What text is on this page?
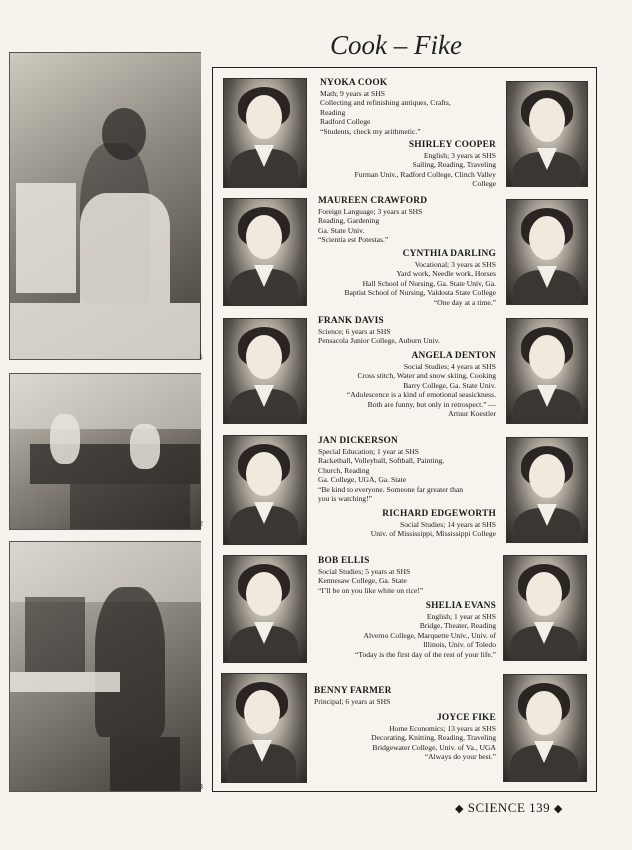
Cook – Fike
1
2
3
NYOKA COOK
Math; 9 years at SHS
Collecting and refinishing antiques, Crafts,
Reading
Radford College
“Students, check my arithmetic.”
SHIRLEY COOPER
English; 3 years at SHS
Sailing, Reading, Traveling
Furman Univ., Radford College, Clinch Valley
College
MAUREEN CRAWFORD
Foreign Language; 3 years at SHS
Reading, Gardening
Ga. State Univ.
“Scientia est Potestas.”
CYNTHIA DARLING
Vocational; 3 years at SHS
Yard work, Needle work, Horses
Hall School of Nursing, Ga. State Univ, Ga.
Baptist School of Nursing, Valdosta State College
“One day at a time.”
FRANK DAVIS
Science; 6 years at SHS
Pensacola Junior College, Auburn Univ.
ANGELA DENTON
Social Studies; 4 years at SHS
Cross stitch, Water and snow skiing, Cooking
Barry College, Ga. State Univ.
“Adolescence is a kind of emotional seasickness.
Both are funny, but only in retrospect.” —
Artuur Koestler
JAN DICKERSON
Special Education; 1 year at SHS
Racketball, Volleyball, Softball, Painting,
Church, Reading
Ga. College, UGA, Ga. State
“Be kind to everyone. Someone far greater than
you is watching!”
RICHARD EDGEWORTH
Social Studies; 14 years at SHS
Univ. of Mississippi, Mississippi College
BOB ELLIS
Social Studies; 5 years at SHS
Kennesaw College, Ga. State
“I’ll be on you like white on rice!”
SHELIA EVANS
English; 1 year at SHS
Bridge, Theater, Reading
Alverno College, Marquette Univ., Univ. of
Illinois, Univ. of Toledo
“Today is the first day of the rest of your life.”
BENNY FARMER
Principal; 6 years at SHS
JOYCE FIKE
Home Economics; 13 years at SHS
Decorating, Knitting, Reading, Traveling
Bridgewater College, Univ. of Va., UGA
“Always do your best.”
◆ SCIENCE 139 ◆
